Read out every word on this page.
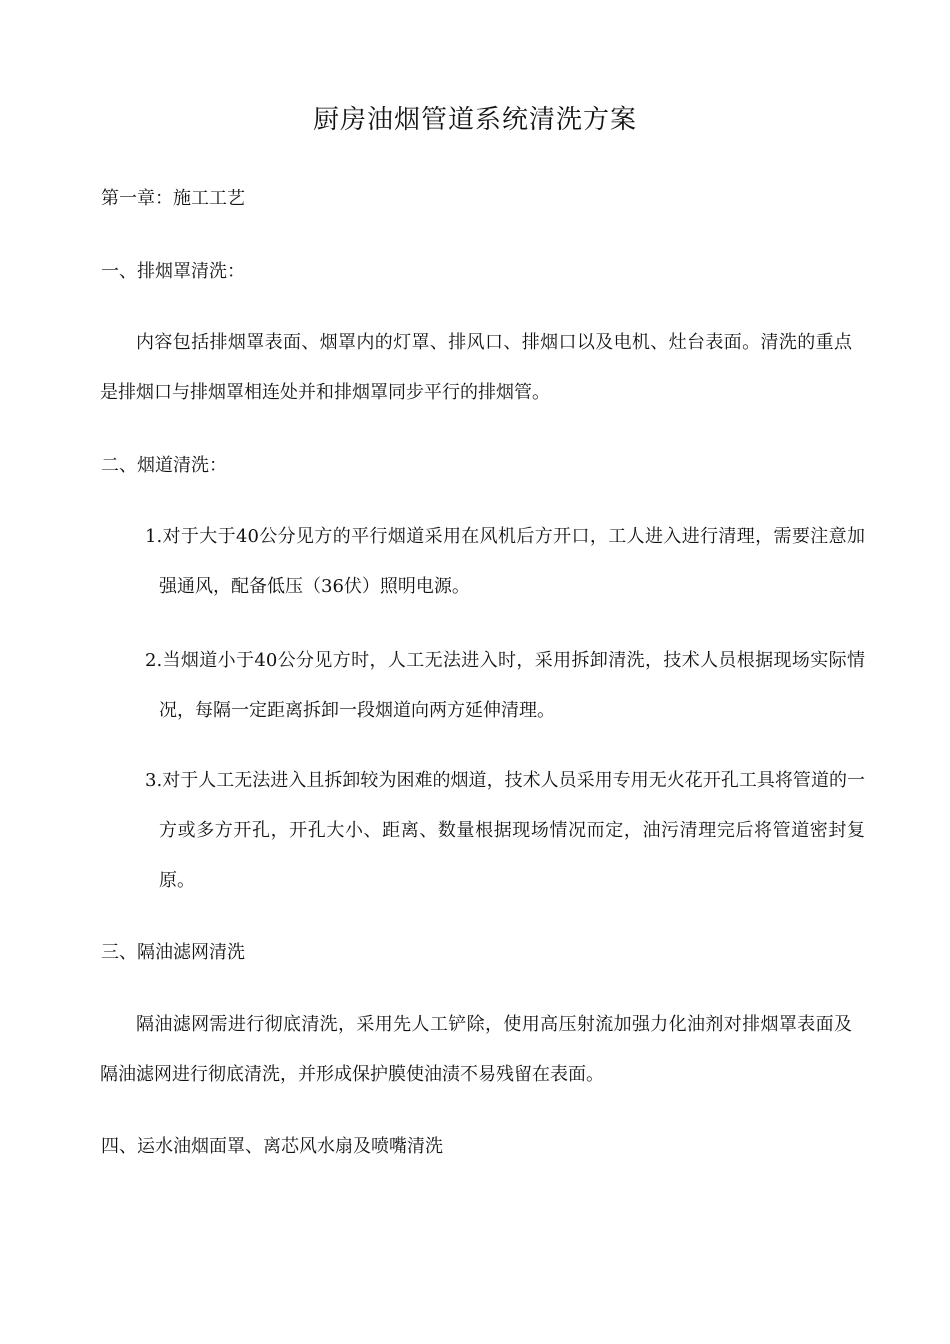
厨房油烟管道系统清洗方案
第一章：施工工艺
一、排烟罩清洗：
内容包括排烟罩表面、烟罩内的灯罩、排风口、排烟口以及电机、灶台表面。清洗的重点是排烟口与排烟罩相连处并和排烟罩同步平行的排烟管。
二、烟道清洗：
1.对于大于40公分见方的平行烟道采用在风机后方开口，工人进入进行清理，需要注意加强通风，配备低压（36伏）照明电源。
2.当烟道小于40公分见方时，人工无法进入时，采用拆卸清洗，技术人员根据现场实际情况，每隔一定距离拆卸一段烟道向两方延伸清理。
3.对于人工无法进入且拆卸较为困难的烟道，技术人员采用专用无火花开孔工具将管道的一方或多方开孔，开孔大小、距离、数量根据现场情况而定，油污清理完后将管道密封复原。
三、隔油滤网清洗
隔油滤网需进行彻底清洗，采用先人工铲除，使用高压射流加强力化油剂对排烟罩表面及隔油滤网进行彻底清洗，并形成保护膜使油渍不易残留在表面。
四、运水油烟面罩、离芯风水扇及喷嘴清洗
